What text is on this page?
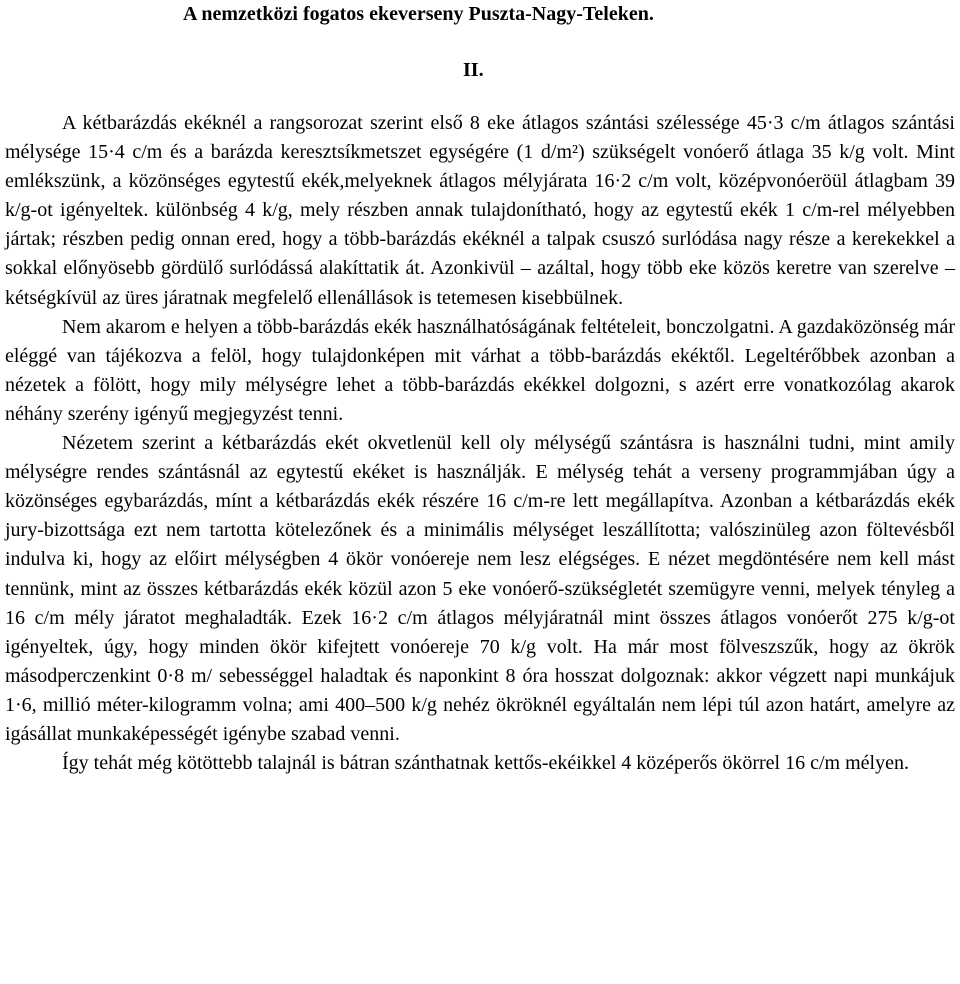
A nemzetközi fogatos ekeverseny Puszta-Nagy-Teleken.
II.

A kétbarázdás ekéknél a rangsorozat szerint első 8 eke átlagos szántási szélessége 45·3 c/m átlagos szántási mélysége 15·4 c/m és a barázda keresztsíkmetszet egységére (1 d/m²) szükségelt vonóerő átlaga 35 k/g volt. Mint emlékszünk, a közönséges egytestű ekék,melyeknek átlagos mélyjárata 16·2 c/m volt, középvonóeröül átlagbam 39 k/g-ot igényeltek. különbség 4 k/g, mely részben annak tulajdonítható, hogy az egytestű ekék 1 c/m-rel mélyebben jártak; részben pedig onnan ered, hogy a több-barázdás ekéknél a talpak csuszó surlódása nagy része a kerekekkel a sokkal előnyösebb gördülő surlódássá alakíttatik át. Azonkivül – azáltal, hogy több eke közös keretre van szerelve – kétségkívül az üres járatnak megfelelő ellenállások is tetemesen kisebbülnek.

Nem akarom e helyen a több-barázdás ekék használhatóságának feltételeit, bonczolgatni. A gazdaközönség már eléggé van tájékozva a felöl, hogy tulajdonképen mit várhat a több-barázdás ekéktől. Legeltérőbbek azonban a nézetek a fölött, hogy mily mélységre lehet a több-barázdás ekékkel dolgozni, s azért erre vonatkozólag akarok néhány szerény igényű megjegyzést tenni.

Nézetem szerint a kétbarázdás ekét okvetlenül kell oly mélységű szántásra is használni tudni, mint amily mélységre rendes szántásnál az egytestű ekéket is használják. E mélység tehát a verseny programmjában úgy a közönséges egybarázdás, mínt a kétbarázdás ekék részére 16 c/m-re lett megállapítva. Azonban a kétbarázdás ekék jury-bizottsága ezt nem tartotta kötelezőnek és a minimális mélységet leszállította; valószinüleg azon föltevésből indulva ki, hogy az előirt mélységben 4 ökör vonóereje nem lesz elégséges. E nézet megdöntésére nem kell mást tennünk, mint az összes kétbarázdás ekék közül azon 5 eke vonóerő-szükségletét szemügyre venni, melyek tényleg a 16 c/m mély járatot meghaladták. Ezek 16·2 c/m átlagos mélyjáratnál mint összes átlagos vonóerőt 275 k/g-ot igényeltek, úgy, hogy minden ökör kifejtett vonóereje 70 k/g volt. Ha már most fölveszszűk, hogy az ökrök másodperczenkint 0·8 m/ sebességgel haladtak és naponkint 8 óra hosszat dolgoznak: akkor végzett napi munkájuk 1·6, millió méter-kilogramm volna; ami 400–500 k/g nehéz ökröknél egyáltalán nem lépi túl azon határt, amelyre az igásállat munkaképességét igénybe szabad venni.

Így tehát még kötöttebb talajnál is bátran szánthatnak kettős-ekéikkel 4 középerős ökörrel 16 c/m mélyen.
